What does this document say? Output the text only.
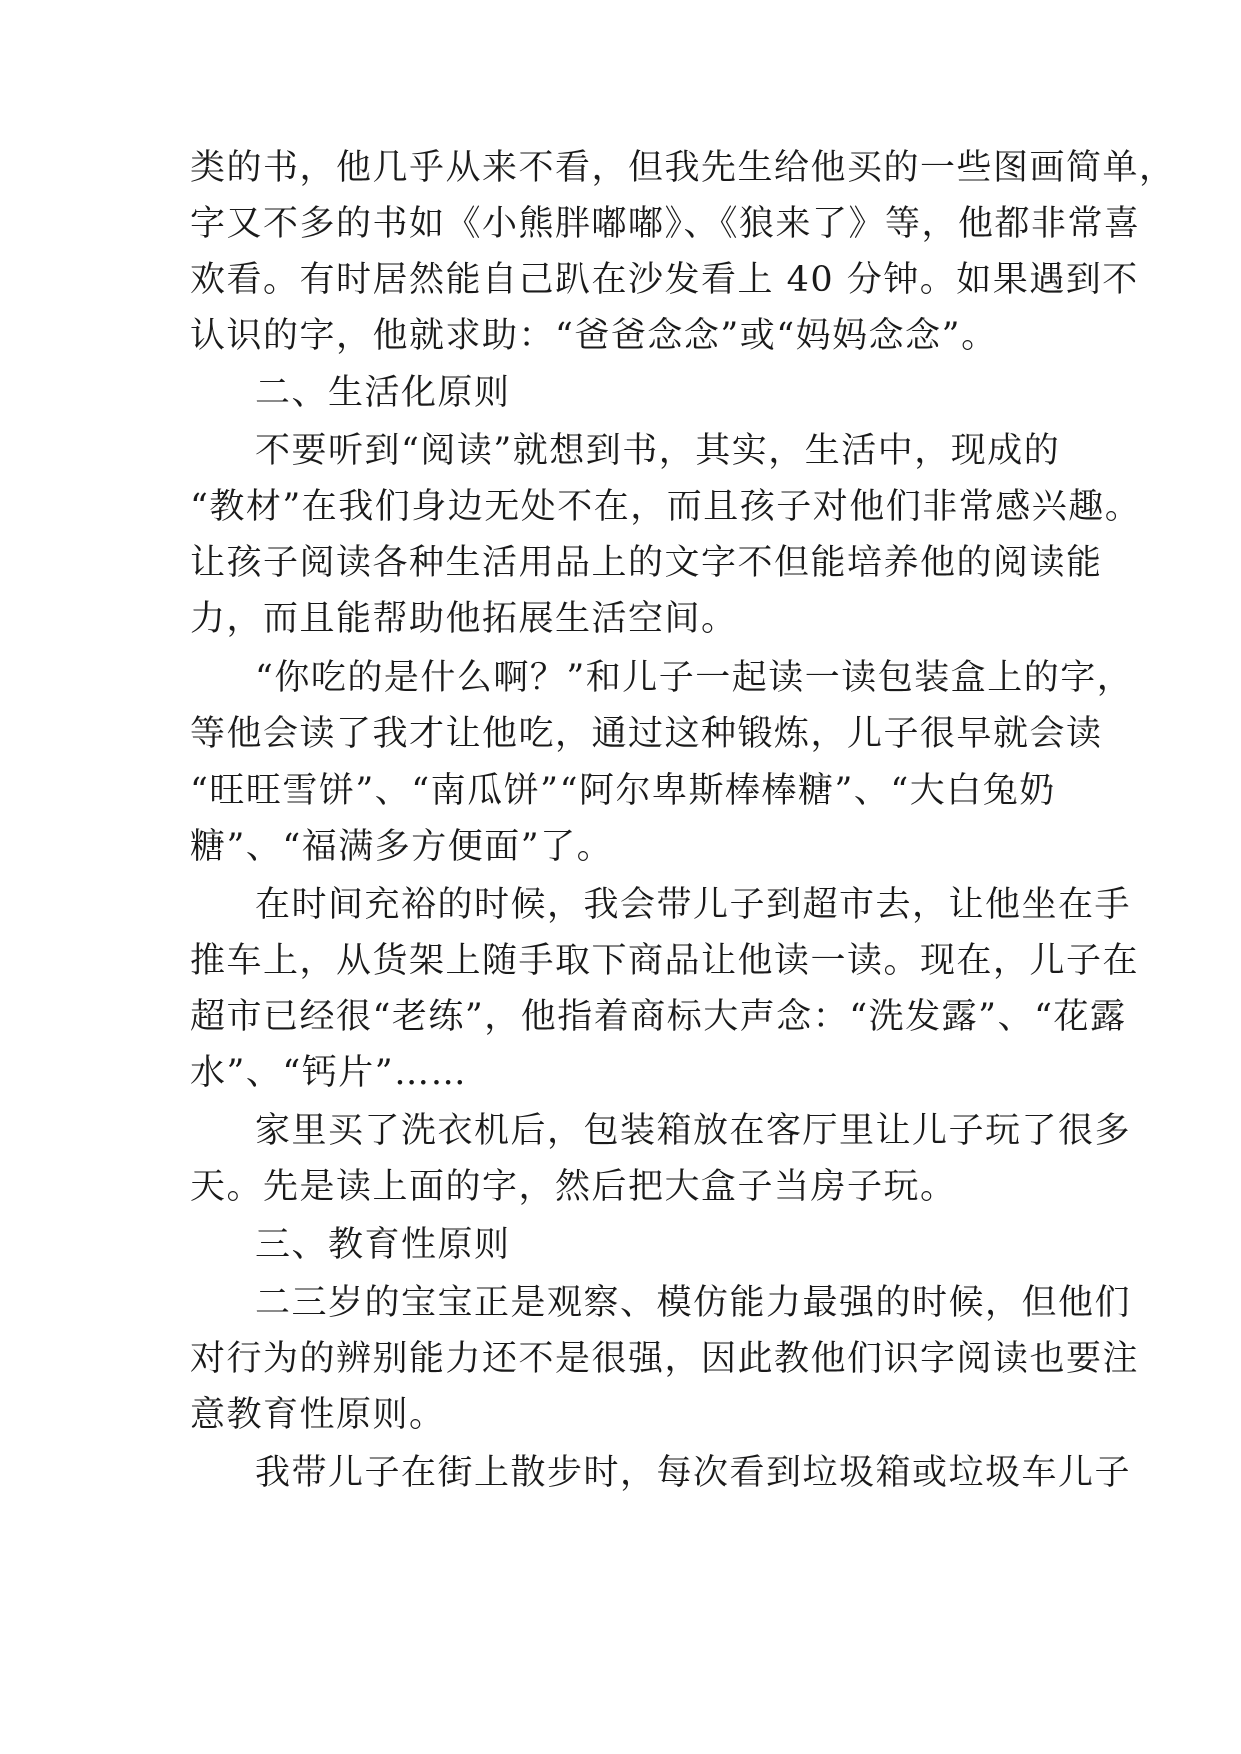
类的书，他几乎从来不看，但我先生给他买的一些图画简单，
字又不多的书如《小熊胖嘟嘟》、《狼来了》等，他都非常喜
欢看。有时居然能自己趴在沙发看上 40 分钟。如果遇到不
认识的字，他就求助：“爸爸念念”或“妈妈念念”。
二、生活化原则
不要听到“阅读”就想到书，其实，生活中，现成的
“教材”在我们身边无处不在，而且孩子对他们非常感兴趣。
让孩子阅读各种生活用品上的文字不但能培养他的阅读能
力，而且能帮助他拓展生活空间。
“你吃的是什么啊？”和儿子一起读一读包装盒上的字，
等他会读了我才让他吃，通过这种锻炼，儿子很早就会读
“旺旺雪饼”、“南瓜饼”“阿尔卑斯棒棒糖”、“大白兔奶
糖”、“福满多方便面”了。
在时间充裕的时候，我会带儿子到超市去，让他坐在手
推车上，从货架上随手取下商品让他读一读。现在，儿子在
超市已经很“老练”，他指着商标大声念：“洗发露”、“花露
水”、“钙片”……
家里买了洗衣机后，包装箱放在客厅里让儿子玩了很多
天。先是读上面的字，然后把大盒子当房子玩。
三、教育性原则
二三岁的宝宝正是观察、模仿能力最强的时候，但他们
对行为的辨别能力还不是很强，因此教他们识字阅读也要注
意教育性原则。
我带儿子在街上散步时，每次看到垃圾箱或垃圾车儿子
